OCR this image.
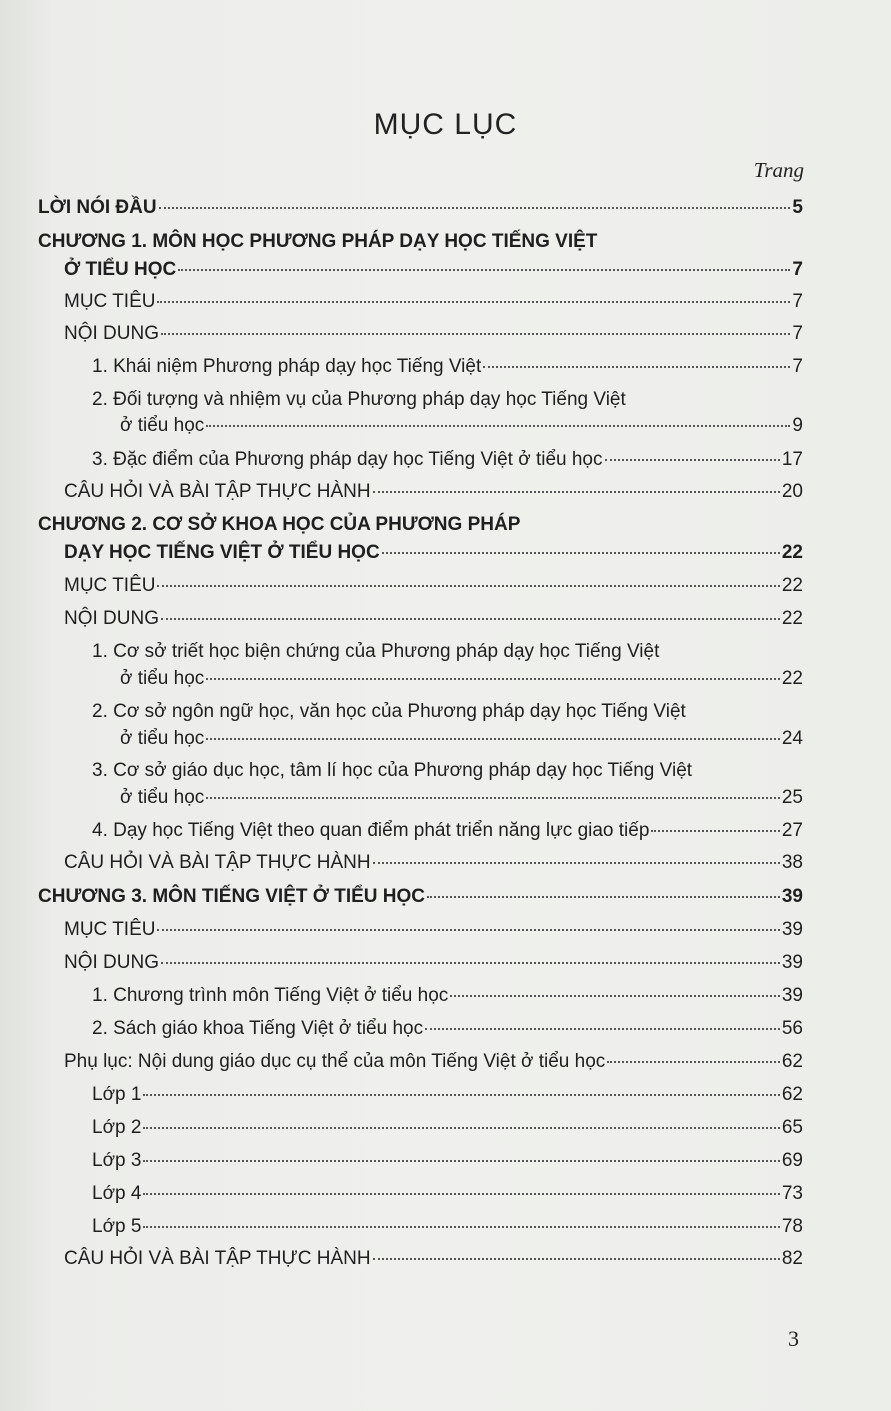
MỤC LỤC
Trang
LỜI NÓI ĐẦU	5
CHƯƠNG 1. MÔN HỌC PHƯƠNG PHÁP DẠY HỌC TIẾNG VIỆT
Ở TIỂU HỌC	7
MỤC TIÊU	7
NỘI DUNG	7
1. Khái niệm Phương pháp dạy học Tiếng Việt	7
2. Đối tượng và nhiệm vụ của Phương pháp dạy học Tiếng Việt
ở tiểu học	9
3. Đặc điểm của Phương pháp dạy học Tiếng Việt ở tiểu học	17
CÂU HỎI VÀ BÀI TẬP THỰC HÀNH	20
CHƯƠNG 2. CƠ SỞ KHOA HỌC CỦA PHƯƠNG PHÁP
DẠY HỌC TIẾNG VIỆT Ở TIỂU HỌC	22
MỤC TIÊU	22
NỘI DUNG	22
1. Cơ sở triết học biện chứng của Phương pháp dạy học Tiếng Việt
ở tiểu học	22
2. Cơ sở ngôn ngữ học, văn học của Phương pháp dạy học Tiếng Việt
ở tiểu học	24
3. Cơ sở giáo dục học, tâm lí học của Phương pháp dạy học Tiếng Việt
ở tiểu học	25
4. Dạy học Tiếng Việt theo quan điểm phát triển năng lực giao tiếp	27
CÂU HỎI VÀ BÀI TẬP THỰC HÀNH	38
CHƯƠNG 3. MÔN TIẾNG VIỆT Ở TIỂU HỌC	39
MỤC TIÊU	39
NỘI DUNG	39
1. Chương trình môn Tiếng Việt ở tiểu học	39
2. Sách giáo khoa Tiếng Việt ở tiểu học	56
Phụ lục: Nội dung giáo dục cụ thể của môn Tiếng Việt ở tiểu học	62
Lớp 1	62
Lớp 2	65
Lớp 3	69
Lớp 4	73
Lớp 5	78
CÂU HỎI VÀ BÀI TẬP THỰC HÀNH	82
3
